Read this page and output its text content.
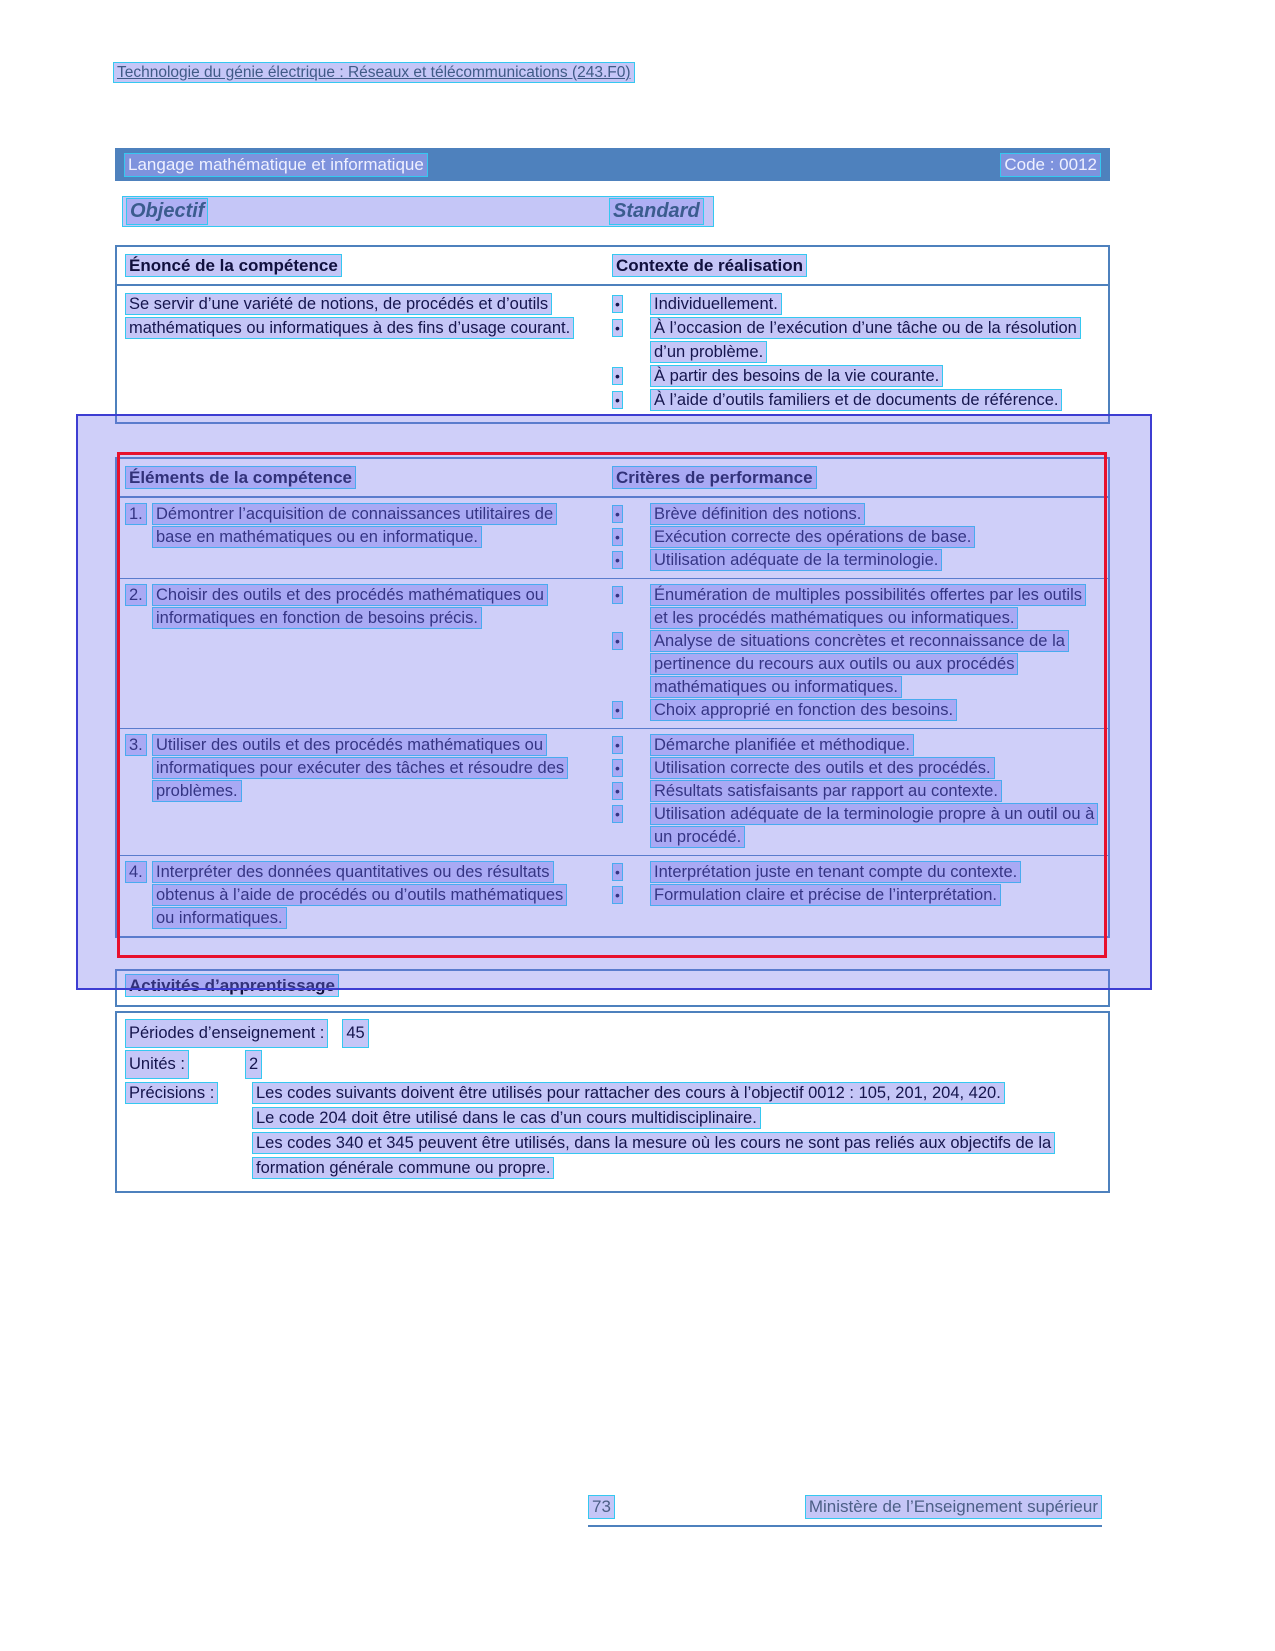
Technologie du génie électrique : Réseaux et télécommunications (243.F0)
Langage mathématique et informatique	Code : 0012
Objectif	Standard
Énoncé de la compétence	Contexte de réalisation
Se servir d’une variété de notions, de procédés et d’outils mathématiques ou informatiques à des fins d’usage courant.
•	Individuellement.
•	À l’occasion de l’exécution d’une tâche ou de la résolution d’un problème.
•	À partir des besoins de la vie courante.
•	À l’aide d’outils familiers et de documents de référence.
Éléments de la compétence	Critères de performance
1. Démontrer l’acquisition de connaissances utilitaires de base en mathématiques ou en informatique.
•	Brève définition des notions.
•	Exécution correcte des opérations de base.
•	Utilisation adéquate de la terminologie.
2. Choisir des outils et des procédés mathématiques ou informatiques en fonction de besoins précis.
•	Énumération de multiples possibilités offertes par les outils et les procédés mathématiques ou informatiques.
•	Analyse de situations concrètes et reconnaissance de la pertinence du recours aux outils ou aux procédés mathématiques ou informatiques.
•	Choix approprié en fonction des besoins.
3. Utiliser des outils et des procédés mathématiques ou informatiques pour exécuter des tâches et résoudre des problèmes.
•	Démarche planifiée et méthodique.
•	Utilisation correcte des outils et des procédés.
•	Résultats satisfaisants par rapport au contexte.
•	Utilisation adéquate de la terminologie propre à un outil ou à un procédé.
4. Interpréter des données quantitatives ou des résultats obtenus à l’aide de procédés ou d’outils mathématiques ou informatiques.
•	Interprétation juste en tenant compte du contexte.
•	Formulation claire et précise de l’interprétation.
Activités d’apprentissage
Périodes d’enseignement : 45
Unités :	2
Précisions :	Les codes suivants doivent être utilisés pour rattacher des cours à l’objectif 0012 : 105, 201, 204, 420.

Le code 204 doit être utilisé dans le cas d’un cours multidisciplinaire.

Les codes 340 et 345 peuvent être utilisés, dans la mesure où les cours ne sont pas reliés aux objectifs de la formation générale commune ou propre.

73	Ministère de l’Enseignement supérieur
